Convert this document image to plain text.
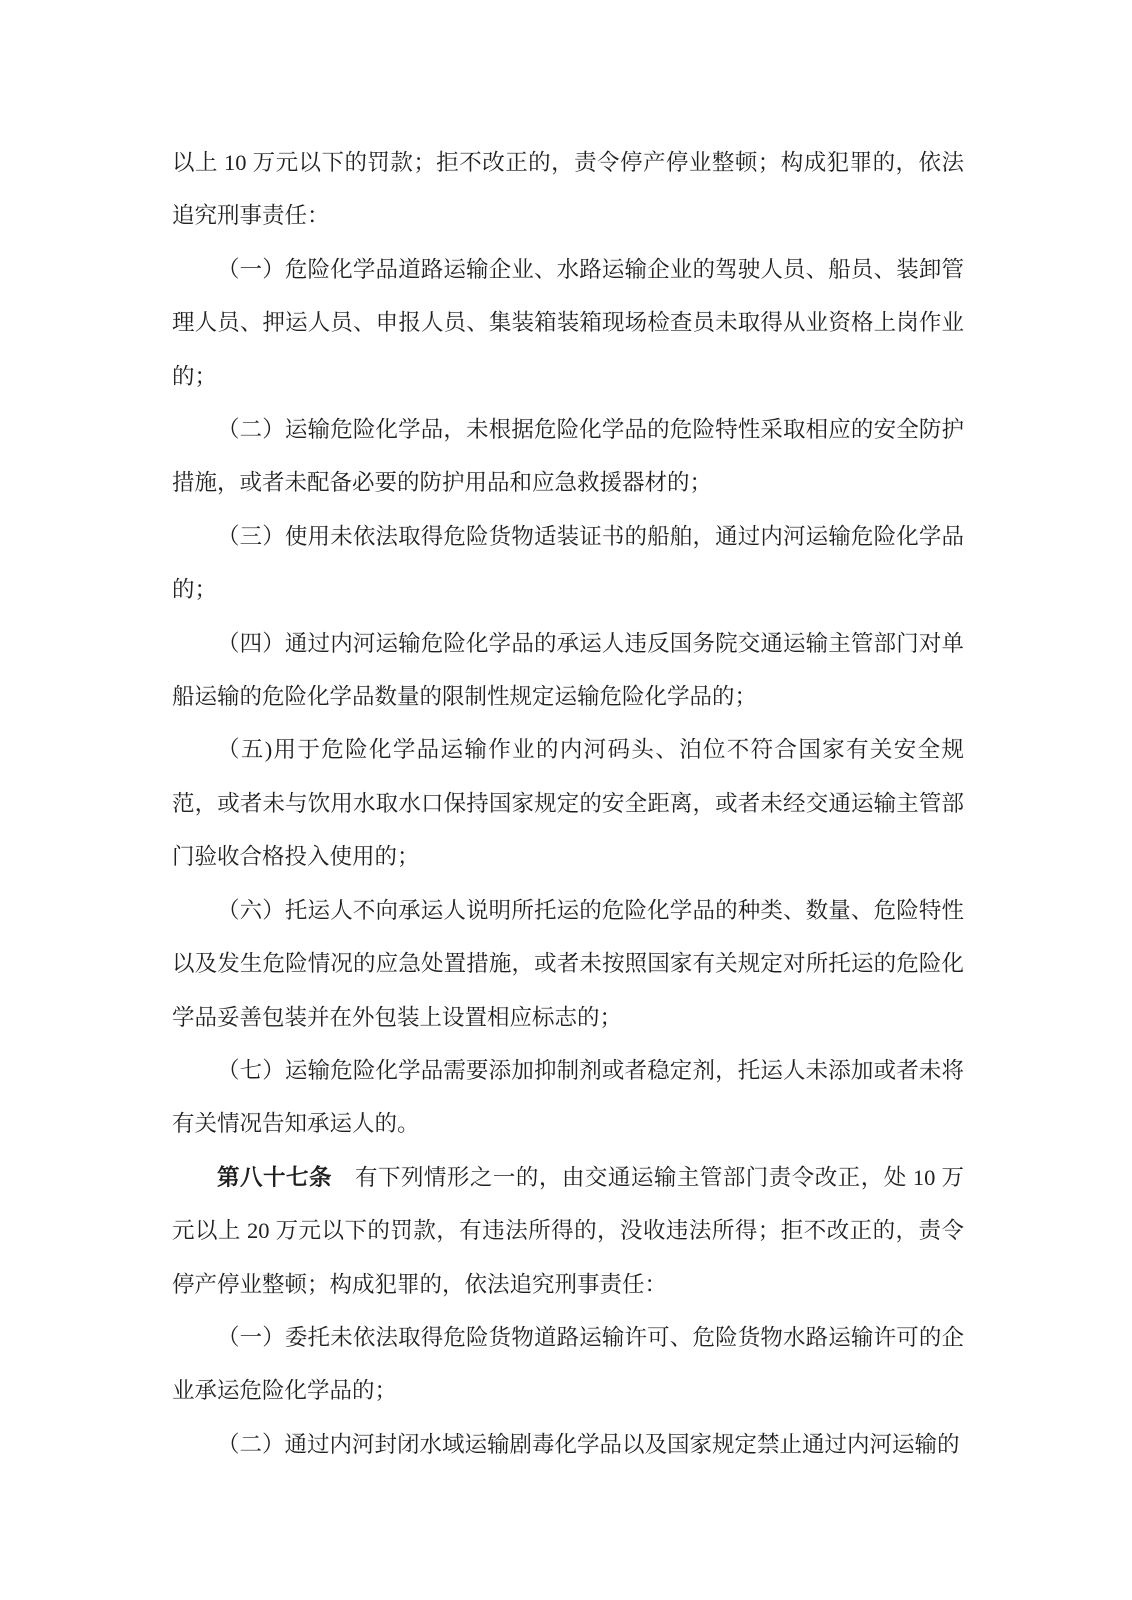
以上 10 万元以下的罚款；拒不改正的，责令停产停业整顿；构成犯罪的，依法追究刑事责任：

（一）危险化学品道路运输企业、水路运输企业的驾驶人员、船员、装卸管理人员、押运人员、申报人员、集装箱装箱现场检查员未取得从业资格上岗作业的；

（二）运输危险化学品，未根据危险化学品的危险特性采取相应的安全防护措施，或者未配备必要的防护用品和应急救援器材的；

（三）使用未依法取得危险货物适装证书的船舶，通过内河运输危险化学品的；

（四）通过内河运输危险化学品的承运人违反国务院交通运输主管部门对单船运输的危险化学品数量的限制性规定运输危险化学品的；

（五)用于危险化学品运输作业的内河码头、泊位不符合国家有关安全规范，或者未与饮用水取水口保持国家规定的安全距离，或者未经交通运输主管部门验收合格投入使用的；

（六）托运人不向承运人说明所托运的危险化学品的种类、数量、危险特性以及发生危险情况的应急处置措施，或者未按照国家有关规定对所托运的危险化学品妥善包装并在外包装上设置相应标志的；

（七）运输危险化学品需要添加抑制剂或者稳定剂，托运人未添加或者未将有关情况告知承运人的。

第八十七条　有下列情形之一的，由交通运输主管部门责令改正，处 10 万元以上 20 万元以下的罚款，有违法所得的，没收违法所得；拒不改正的，责令停产停业整顿；构成犯罪的，依法追究刑事责任：

（一）委托未依法取得危险货物道路运输许可、危险货物水路运输许可的企业承运危险化学品的；

（二）通过内河封闭水域运输剧毒化学品以及国家规定禁止通过内河运输的
